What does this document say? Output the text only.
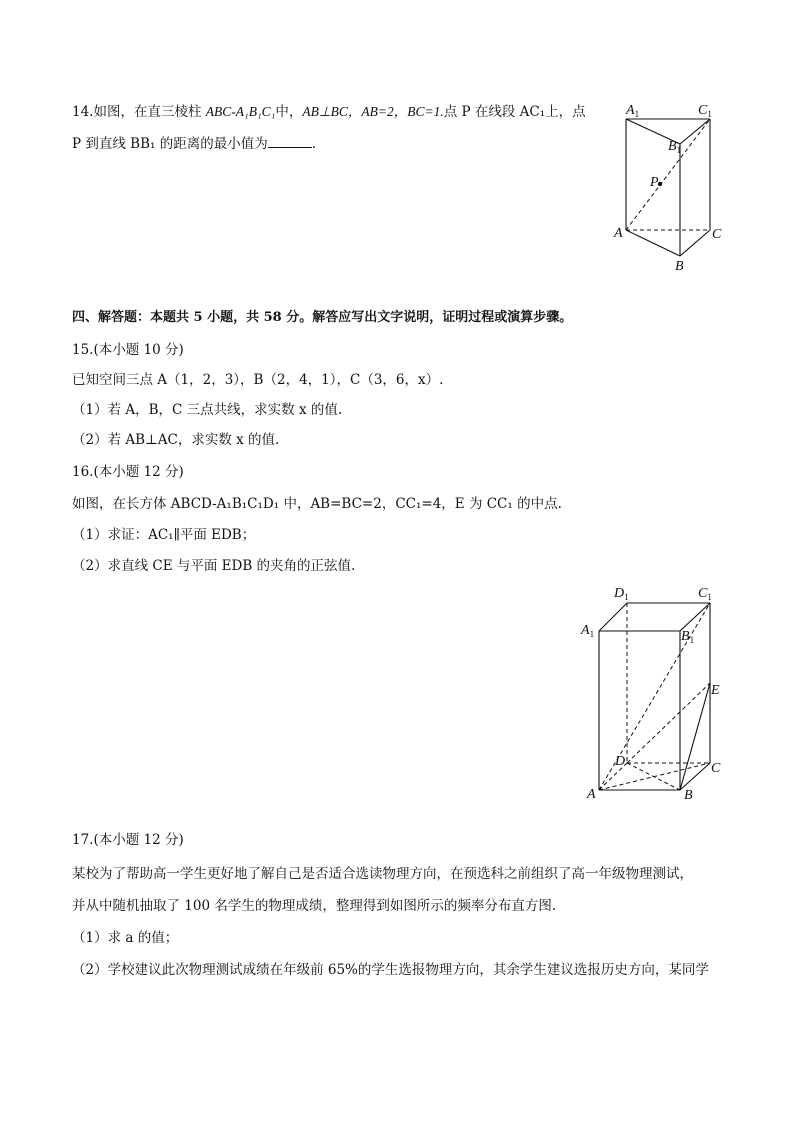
14.如图，在直三棱柱 ABC-A₁B₁C₁中，AB⊥BC，AB=2，BC=1.点 P 在线段 AC₁上，点
P 到直线 BB₁ 的距离的最小值为	.
$A_1$	$C_1$
$B_1$
P
A	C
B
四、解答题：本题共 5 小题，共 58 分。解答应写出文字说明，证明过程或演算步骤。
15.(本小题 10 分)
已知空间三点 A（1，2，3），B（2，4，1），C（3，6，x）.
（1）若 A，B，C 三点共线，求实数 x 的值.
（2）若 AB⊥AC，求实数 x 的值.
16.(本小题 12 分)
如图，在长方体 ABCD-A₁B₁C₁D₁ 中，AB=BC=2，CC₁=4，E 为 CC₁ 的中点.
（1）求证：AC₁∥平面 EDB；
（2）求直线 CE 与平面 EDB 的夹角的正弦值.
$D_1$	$C_1$
$A_1$	$B_1$
E
D	C
A	B
17.(本小题 12 分)
某校为了帮助高一学生更好地了解自己是否适合选读物理方向，在预选科之前组织了高一年级物理测试，
并从中随机抽取了 100 名学生的物理成绩，整理得到如图所示的频率分布直方图.
（1）求 a 的值；
（2）学校建议此次物理测试成绩在年级前 65%的学生选报物理方向，其余学生建议选报历史方向，某同学
